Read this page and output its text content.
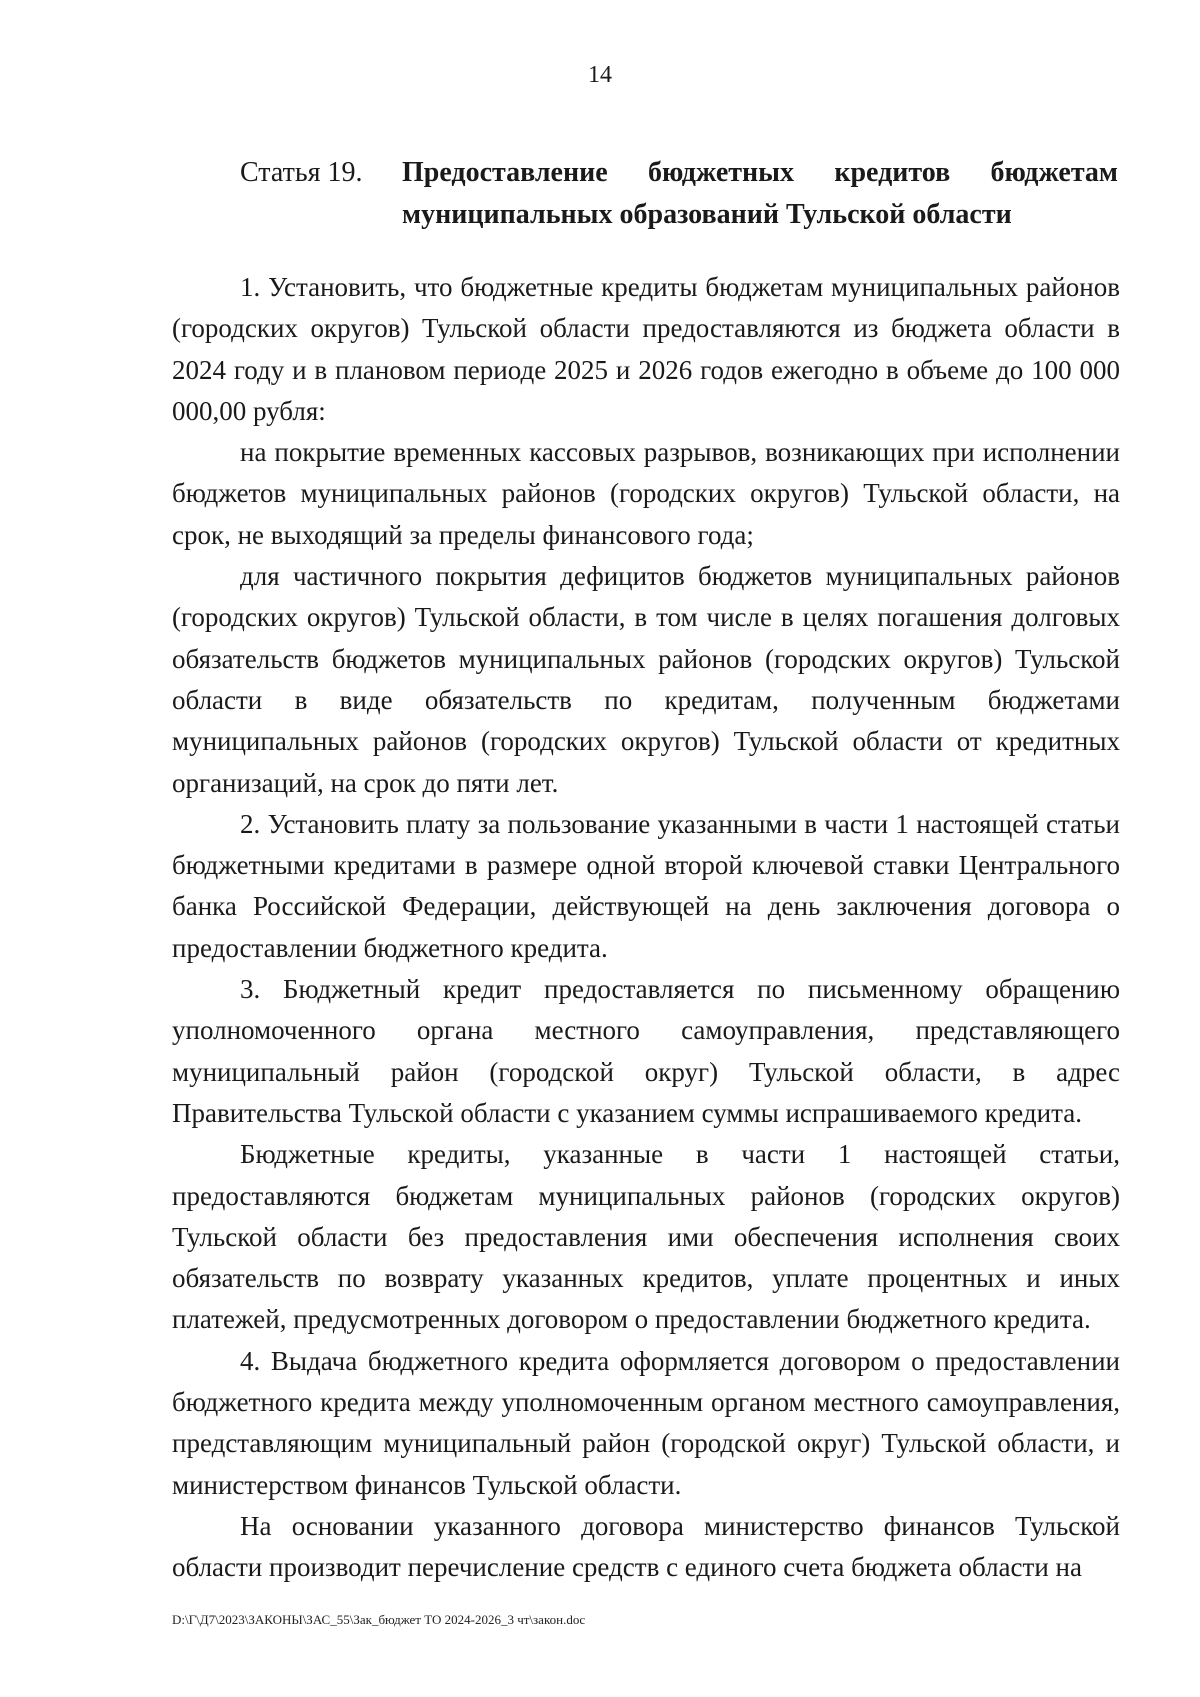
14
Статья 19. Предоставление бюджетных кредитов бюджетам
муниципальных образований Тульской области

1. Установить, что бюджетные кредиты бюджетам муниципальных районов (городских округов) Тульской области предоставляются из бюджета области в 2024 году и в плановом периоде 2025 и 2026 годов ежегодно в объеме до 100 000 000,00 рубля:

на покрытие временных кассовых разрывов, возникающих при исполнении бюджетов муниципальных районов (городских округов) Тульской области, на срок, не выходящий за пределы финансового года;

для частичного покрытия дефицитов бюджетов муниципальных районов (городских округов) Тульской области, в том числе в целях погашения долговых обязательств бюджетов муниципальных районов (городских округов) Тульской области в виде обязательств по кредитам, полученным бюджетами муниципальных районов (городских округов) Тульской области от кредитных организаций, на срок до пяти лет.

2. Установить плату за пользование указанными в части 1 настоящей статьи бюджетными кредитами в размере одной второй ключевой ставки Центрального банка Российской Федерации, действующей на день заключения договора о предоставлении бюджетного кредита.

3. Бюджетный кредит предоставляется по письменному обращению уполномоченного органа местного самоуправления, представляющего муниципальный район (городской округ) Тульской области, в адрес Правительства Тульской области с указанием суммы испрашиваемого кредита.

Бюджетные кредиты, указанные в части 1 настоящей статьи, предоставляются бюджетам муниципальных районов (городских округов) Тульской области без предоставления ими обеспечения исполнения своих обязательств по возврату указанных кредитов, уплате процентных и иных платежей, предусмотренных договором о предоставлении бюджетного кредита.

4. Выдача бюджетного кредита оформляется договором о предоставлении бюджетного кредита между уполномоченным органом местного самоуправления, представляющим муниципальный район (городской округ) Тульской области, и министерством финансов Тульской области.

На основании указанного договора министерство финансов Тульской области производит перечисление средств с единого счета бюджета области на

D:\Г\Д7\2023\ЗАКОНЫ\ЗАС_55\Зак_бюджет ТО 2024-2026_3 чт\закон.doc
